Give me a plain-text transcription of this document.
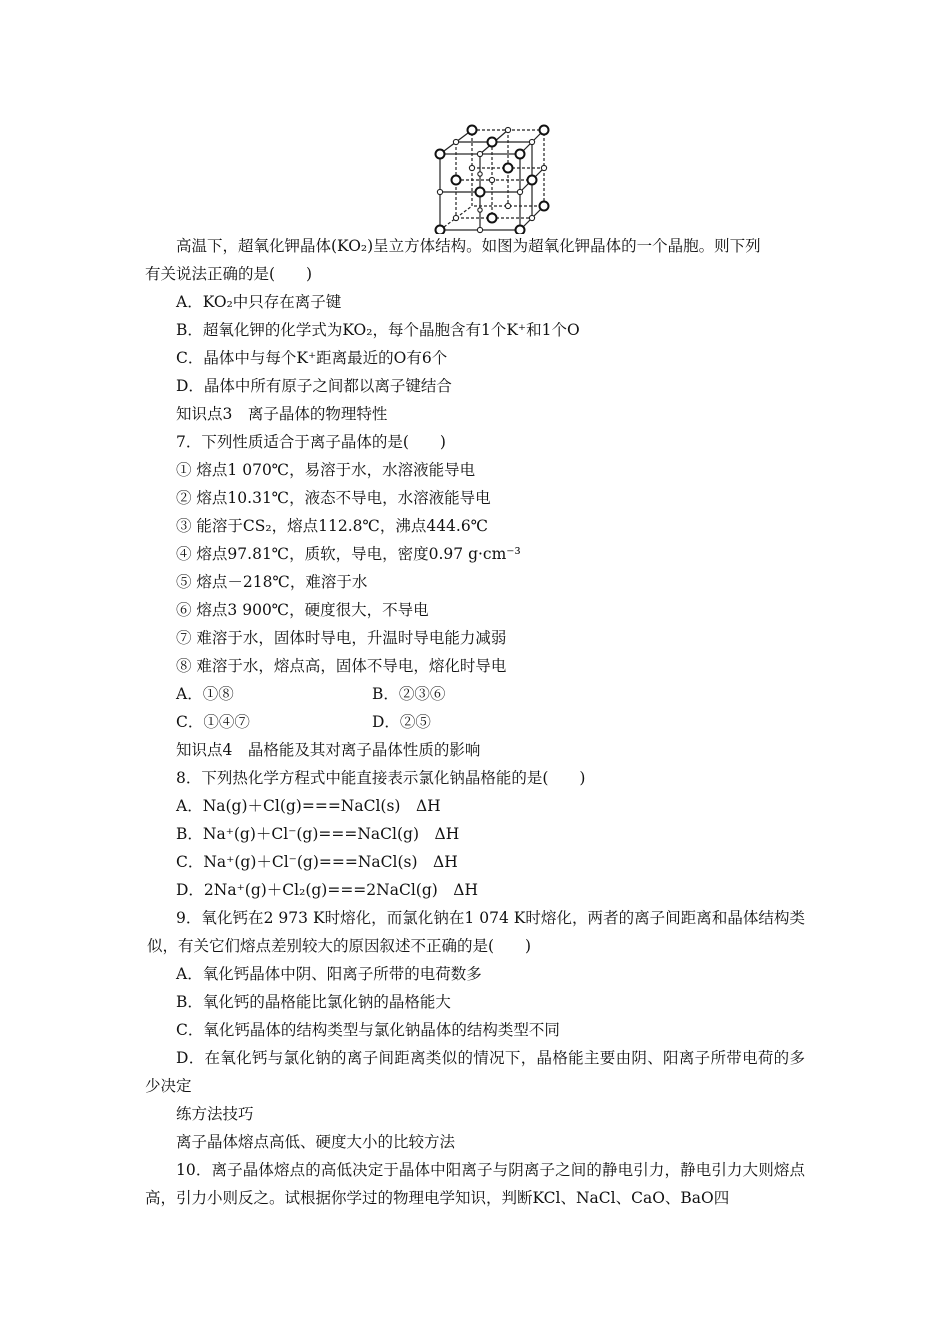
高温下，超氧化钾晶体(KO₂)呈立方体结构。如图为超氧化钾晶体的一个晶胞。则下列

有关说法正确的是(　　)

A．KO₂中只存在离子键

B．超氧化钾的化学式为KO₂，每个晶胞含有1个K⁺和1个O

C．晶体中与每个K⁺距离最近的O有6个

D．晶体中所有原子之间都以离子键结合

知识点3　离子晶体的物理特性

7．下列性质适合于离子晶体的是(　　)

① 熔点1 070℃，易溶于水，水溶液能导电

② 熔点10.31℃，液态不导电，水溶液能导电

③ 能溶于CS₂，熔点112.8℃，沸点444.6℃

④ 熔点97.81℃，质软，导电，密度0.97 g·cm⁻³

⑤ 熔点－218℃，难溶于水

⑥ 熔点3 900℃，硬度很大，不导电

⑦ 难溶于水，固体时导电，升温时导电能力减弱

⑧ 难溶于水，熔点高，固体不导电，熔化时导电

A．①⑧	B．②③⑥
C．①④⑦	D．②⑤

知识点4　晶格能及其对离子晶体性质的影响

8．下列热化学方程式中能直接表示氯化钠晶格能的是(　　)

A．Na(g)＋Cl(g)===NaCl(s)　ΔH

B．Na⁺(g)＋Cl⁻(g)===NaCl(g)　ΔH

C．Na⁺(g)＋Cl⁻(g)===NaCl(s)　ΔH

D．2Na⁺(g)＋Cl₂(g)===2NaCl(g)　ΔH

9．氧化钙在2 973 K时熔化，而氯化钠在1 074 K时熔化，两者的离子间距离和晶体结构类似，有关它们熔点差别较大的原因叙述不正确的是(　　)

A．氧化钙晶体中阴、阳离子所带的电荷数多

B．氧化钙的晶格能比氯化钠的晶格能大

C．氧化钙晶体的结构类型与氯化钠晶体的结构类型不同

D．在氧化钙与氯化钠的离子间距离类似的情况下，晶格能主要由阴、阳离子所带电荷的多少决定

练方法技巧

离子晶体熔点高低、硬度大小的比较方法

10．离子晶体熔点的高低决定于晶体中阳离子与阴离子之间的静电引力，静电引力大则熔点高，引力小则反之。试根据你学过的物理电学知识，判断KCl、NaCl、CaO、BaO四
